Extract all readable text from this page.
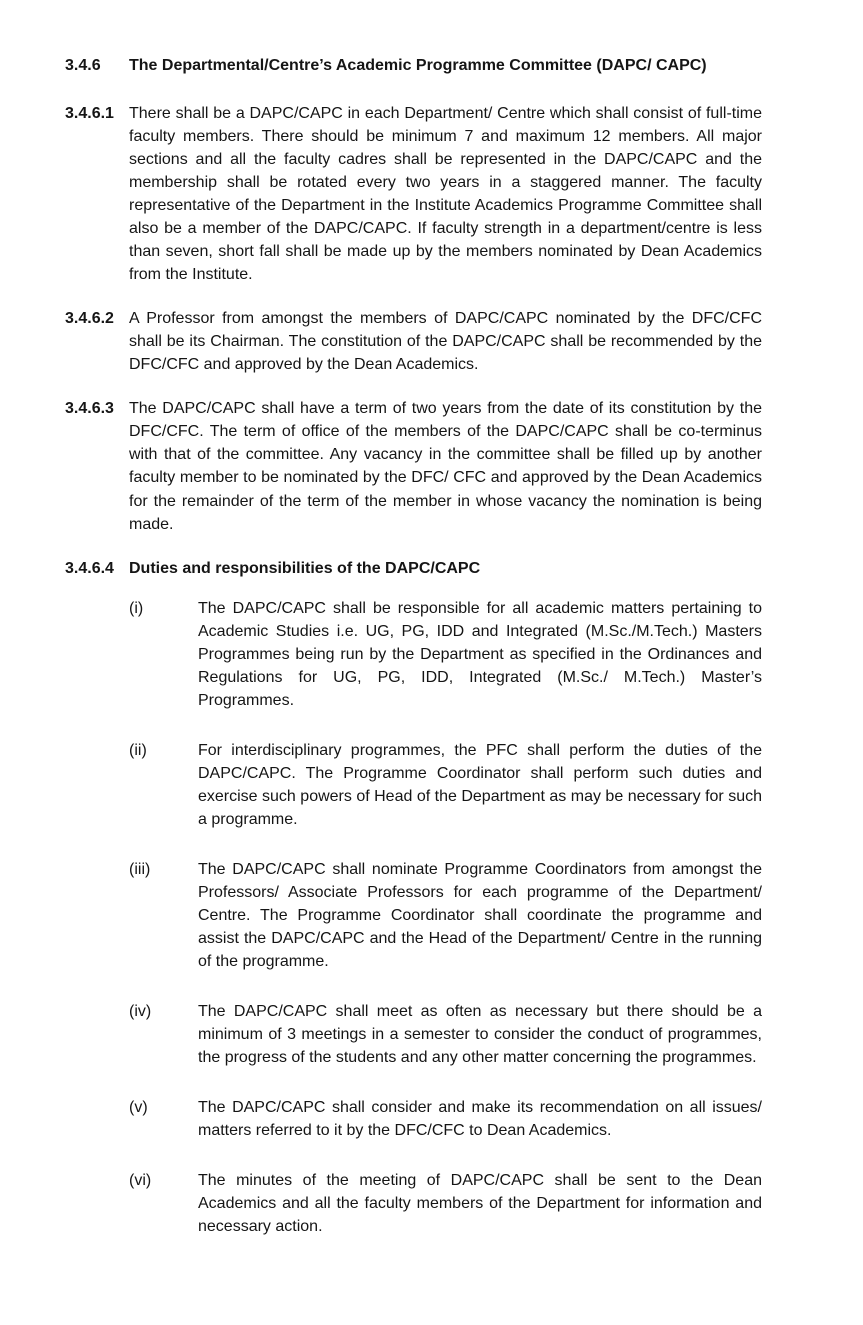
3.4.6	The Departmental/Centre’s Academic Programme Committee (DAPC/ CAPC)
3.4.6.1 There shall be a DAPC/CAPC in each Department/ Centre which shall consist of full-time faculty members. There should be minimum 7 and maximum 12 members. All major sections and all the faculty cadres shall be represented in the DAPC/CAPC and the membership shall be rotated every two years in a staggered manner. The faculty representative of the Department in the Institute Academics Programme Committee shall also be a member of the DAPC/CAPC. If faculty strength in a department/centre is less than seven, short fall shall be made up by the members nominated by Dean Academics from the Institute.
3.4.6.2 A Professor from amongst the members of DAPC/CAPC nominated by the DFC/CFC shall be its Chairman. The constitution of the DAPC/CAPC shall be recommended by the DFC/CFC and approved by the Dean Academics.
3.4.6.3 The DAPC/CAPC shall have a term of two years from the date of its constitution by the DFC/CFC. The term of office of the members of the DAPC/CAPC shall be co-terminus with that of the committee. Any vacancy in the committee shall be filled up by another faculty member to be nominated by the DFC/ CFC and approved by the Dean Academics for the remainder of the term of the member in whose vacancy the nomination is being made.
3.4.6.4 Duties and responsibilities of the DAPC/CAPC
(i)	The DAPC/CAPC shall be responsible for all academic matters pertaining to Academic Studies i.e. UG, PG, IDD and Integrated (M.Sc./M.Tech.) Masters Programmes being run by the Department as specified in the Ordinances and Regulations for UG, PG, IDD, Integrated (M.Sc./ M.Tech.) Master’s Programmes.
(ii)	For interdisciplinary programmes, the PFC shall perform the duties of the DAPC/CAPC. The Programme Coordinator shall perform such duties and exercise such powers of Head of the Department as may be necessary for such a programme.
(iii)	The DAPC/CAPC shall nominate Programme Coordinators from amongst the Professors/ Associate Professors for each programme of the Department/ Centre. The Programme Coordinator shall coordinate the programme and assist the DAPC/CAPC and the Head of the Department/ Centre in the running of the programme.
(iv)	The DAPC/CAPC shall meet as often as necessary but there should be a minimum of 3 meetings in a semester to consider the conduct of programmes, the progress of the students and any other matter concerning the programmes.
(v)	The DAPC/CAPC shall consider and make its recommendation on all issues/ matters referred to it by the DFC/CFC to Dean Academics.
(vi)	The minutes of the meeting of DAPC/CAPC shall be sent to the Dean Academics and all the faculty members of the Department for information and necessary action.
